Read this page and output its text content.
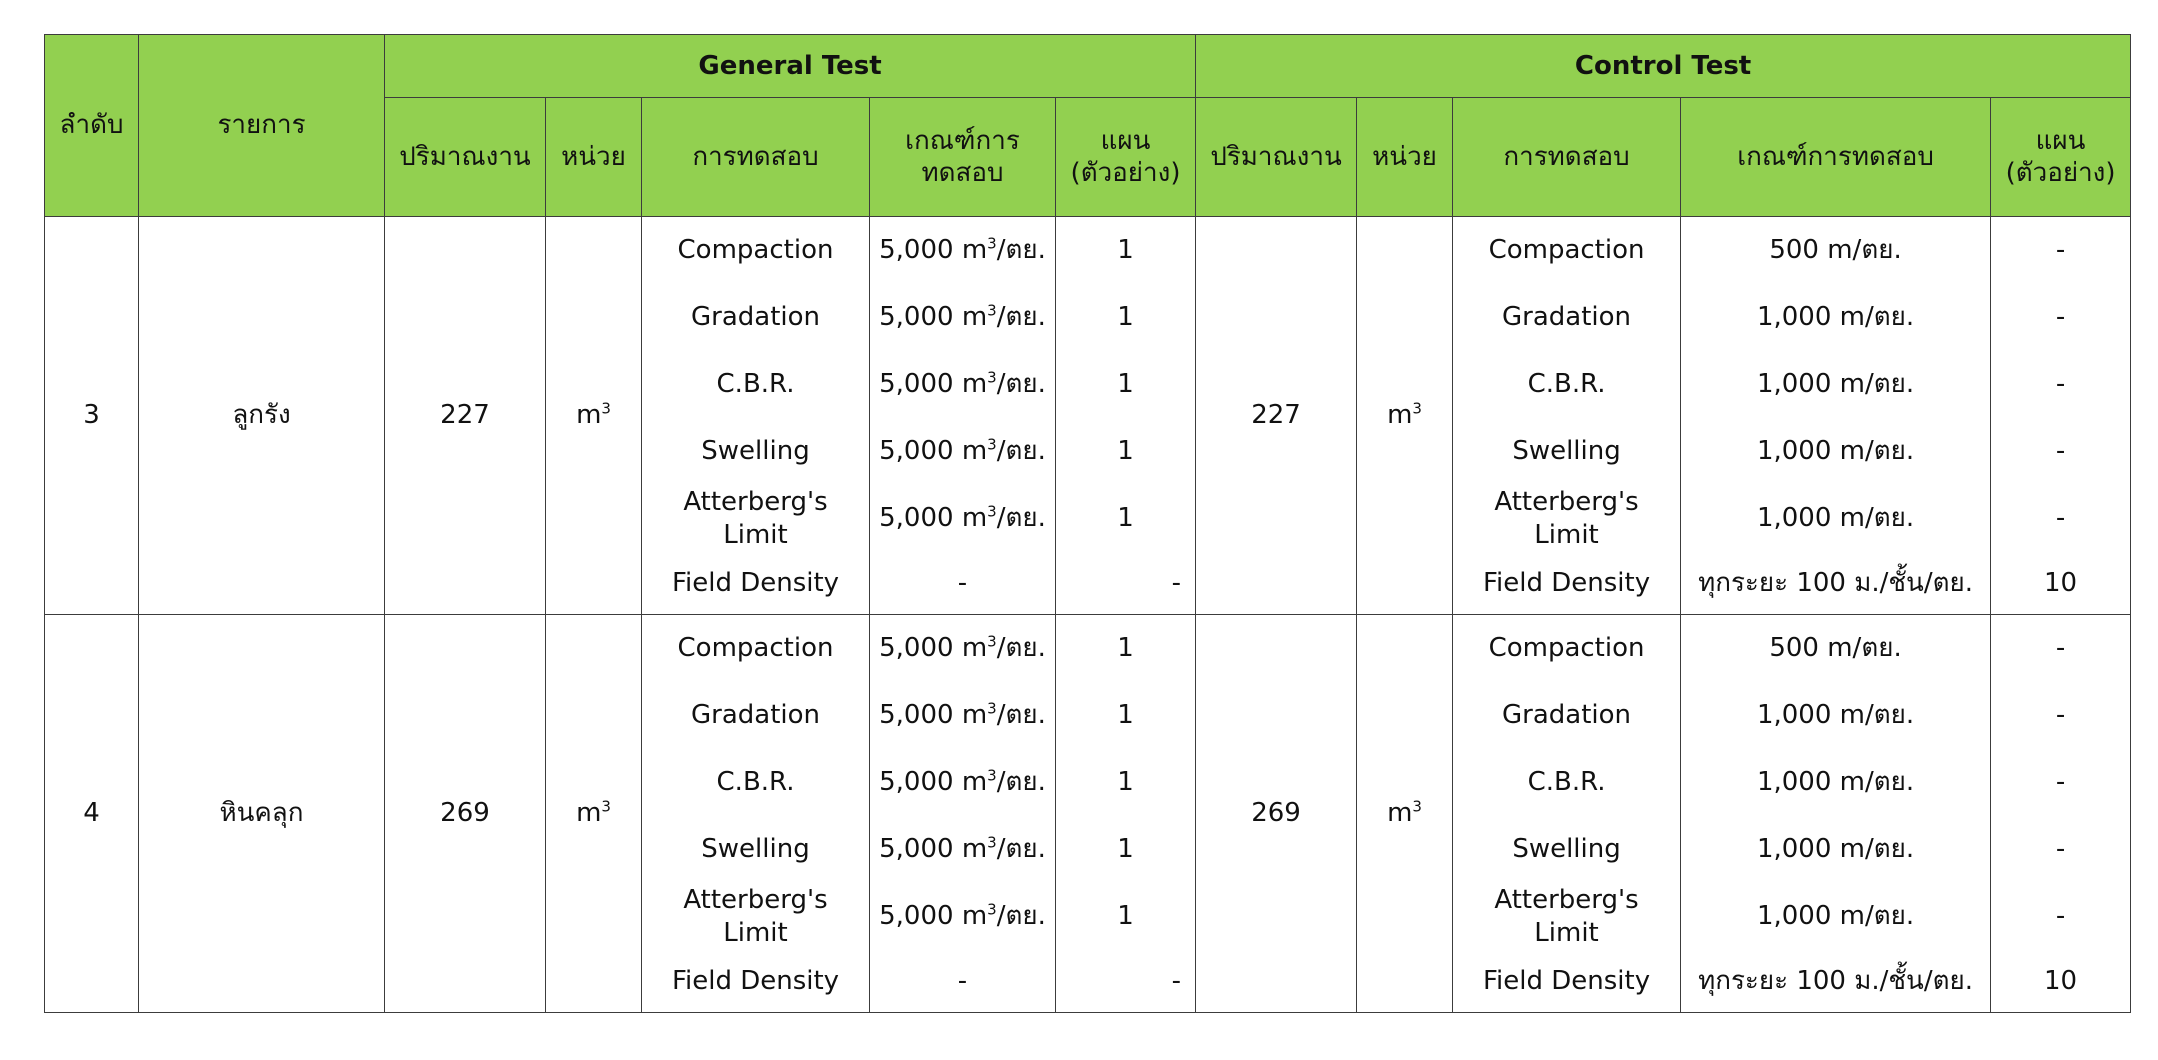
ลำดับ	รายการ	General Test					Control Test				
		ปริมาณงาน	หน่วย	การทดสอบ	เกณฑ์การทดสอบ	แผน (ตัวอย่าง)	ปริมาณงาน	หน่วย	การทดสอบ	เกณฑ์การทดสอบ	แผน (ตัวอย่าง)
3	ลูกรัง	227	$m^3$	Compaction	5,000 $m^3/$ตย.	1	227	$m^3$	Compaction	500 m/ตย.	-
				Gradation	5,000 $m^3/$ตย.	1			Gradation	1,000 m/ตย.	-
				C.B.R.	5,000 $m^3/$ตย.	1			C.B.R.	1,000 m/ตย.	-
				Swelling	5,000 $m^3/$ตย.	1			Swelling	1,000 m/ตย.	-
				Atterberg's Limit	5,000 $m^3/$ตย.	1			Atterberg's Limit	1,000 m/ตย.	-
				Field Density	-	-			Field Density	ทุกระยะ 100 ม./ชั้น/ตย.	10
4	หินคลุก	269	$m^3$	Compaction	5,000 $m^3/$ตย.	1	269	$m^3$	Compaction	500 m/ตย.	-
				Gradation	5,000 $m^3/$ตย.	1			Gradation	1,000 m/ตย.	-
				C.B.R.	5,000 $m^3/$ตย.	1			C.B.R.	1,000 m/ตย.	-
				Swelling	5,000 $m^3/$ตย.	1			Swelling	1,000 m/ตย.	-
				Atterberg's Limit	5,000 $m^3/$ตย.	1			Atterberg's Limit	1,000 m/ตย.	-
				Field Density	-	-			Field Density	ทุกระยะ 100 ม./ชั้น/ตย.	10
